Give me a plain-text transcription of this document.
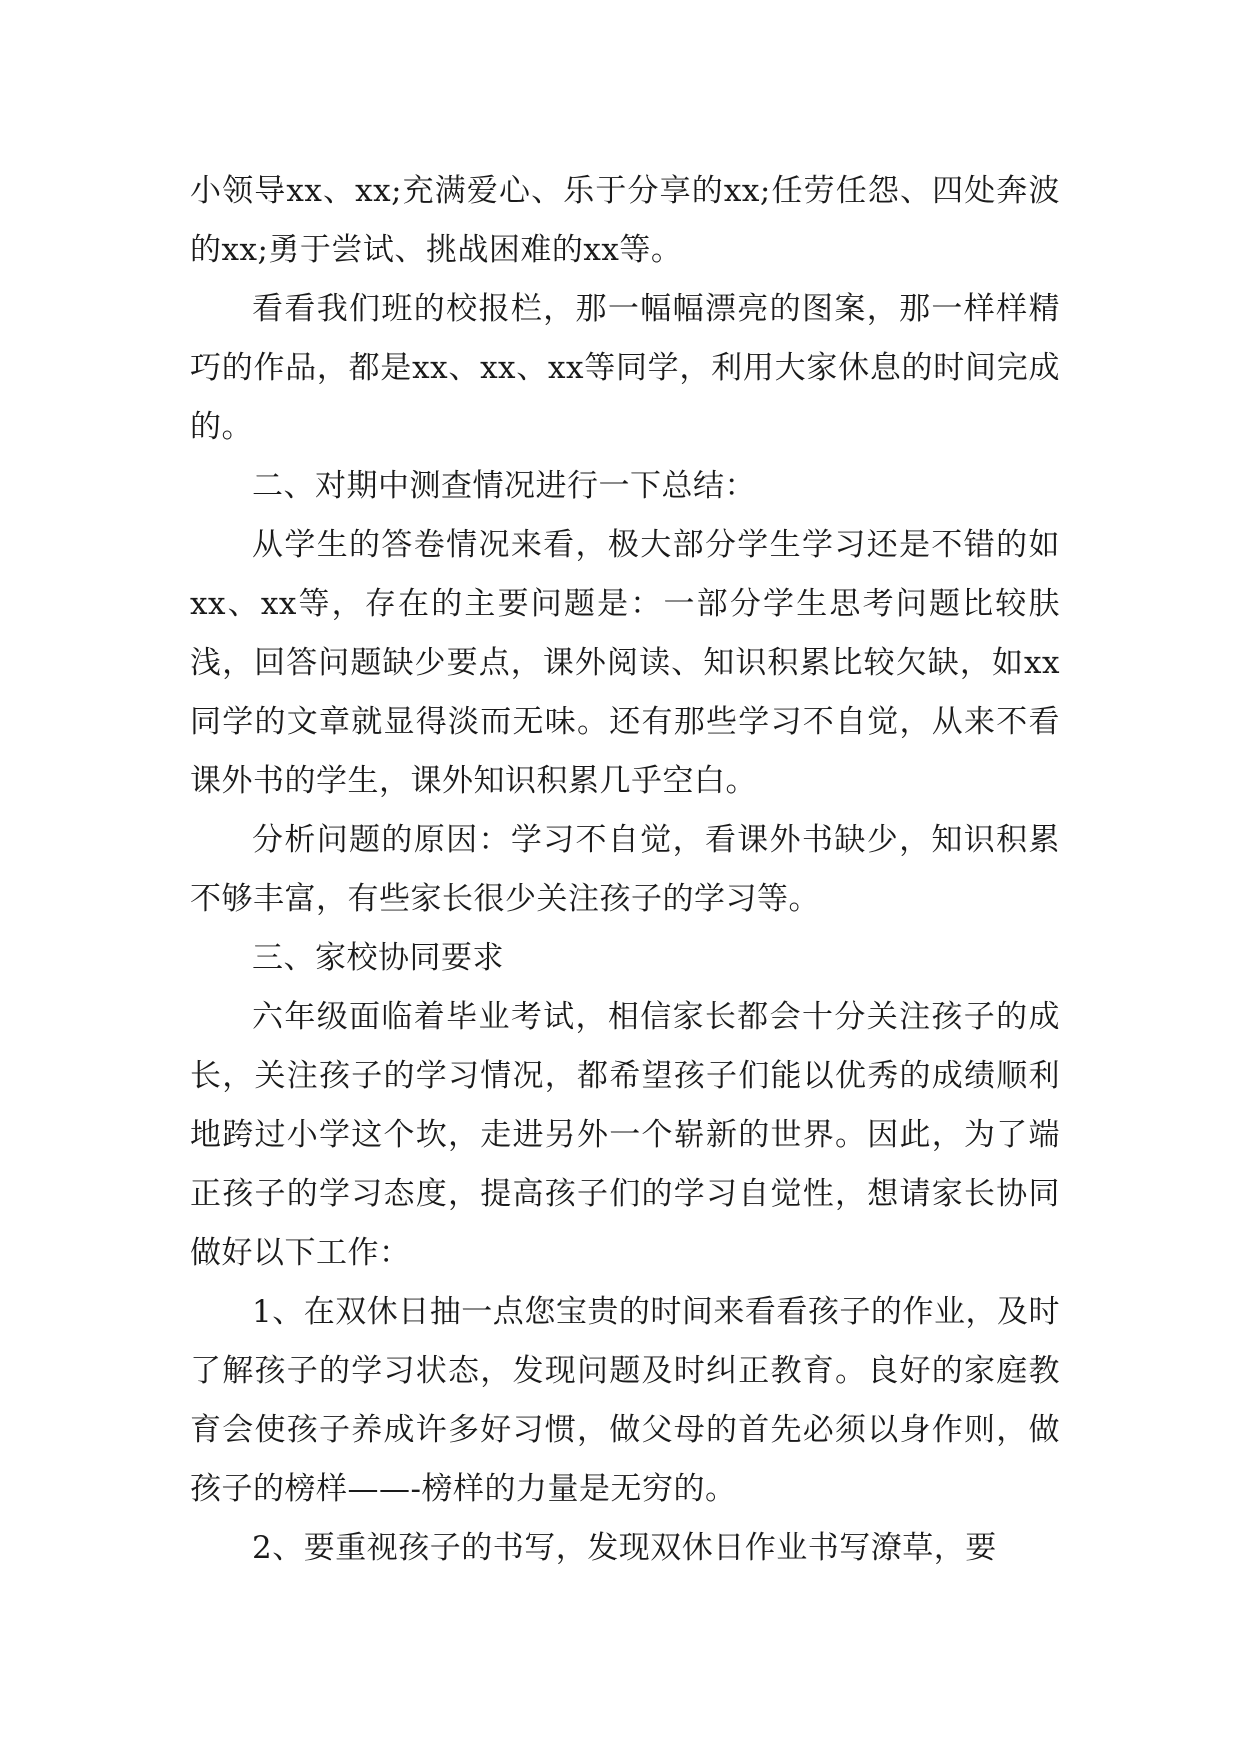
小领导xx、xx;充满爱心、乐于分享的xx;任劳任怨、四处奔波的xx;勇于尝试、挑战困难的xx等。

看看我们班的校报栏，那一幅幅漂亮的图案，那一样样精巧的作品，都是xx、xx、xx等同学，利用大家休息的时间完成的。

二、对期中测查情况进行一下总结：

从学生的答卷情况来看，极大部分学生学习还是不错的如xx、xx等，存在的主要问题是：一部分学生思考问题比较肤浅，回答问题缺少要点，课外阅读、知识积累比较欠缺，如xx同学的文章就显得淡而无味。还有那些学习不自觉，从来不看课外书的学生，课外知识积累几乎空白。

分析问题的原因：学习不自觉，看课外书缺少，知识积累不够丰富，有些家长很少关注孩子的学习等。

三、家校协同要求

六年级面临着毕业考试，相信家长都会十分关注孩子的成长，关注孩子的学习情况，都希望孩子们能以优秀的成绩顺利地跨过小学这个坎，走进另外一个崭新的世界。因此，为了端正孩子的学习态度，提高孩子们的学习自觉性，想请家长协同做好以下工作：

1、在双休日抽一点您宝贵的时间来看看孩子的作业，及时了解孩子的学习状态，发现问题及时纠正教育。良好的家庭教育会使孩子养成许多好习惯，做父母的首先必须以身作则，做孩子的榜样——-榜样的力量是无穷的。

2、要重视孩子的书写，发现双休日作业书写潦草，要
